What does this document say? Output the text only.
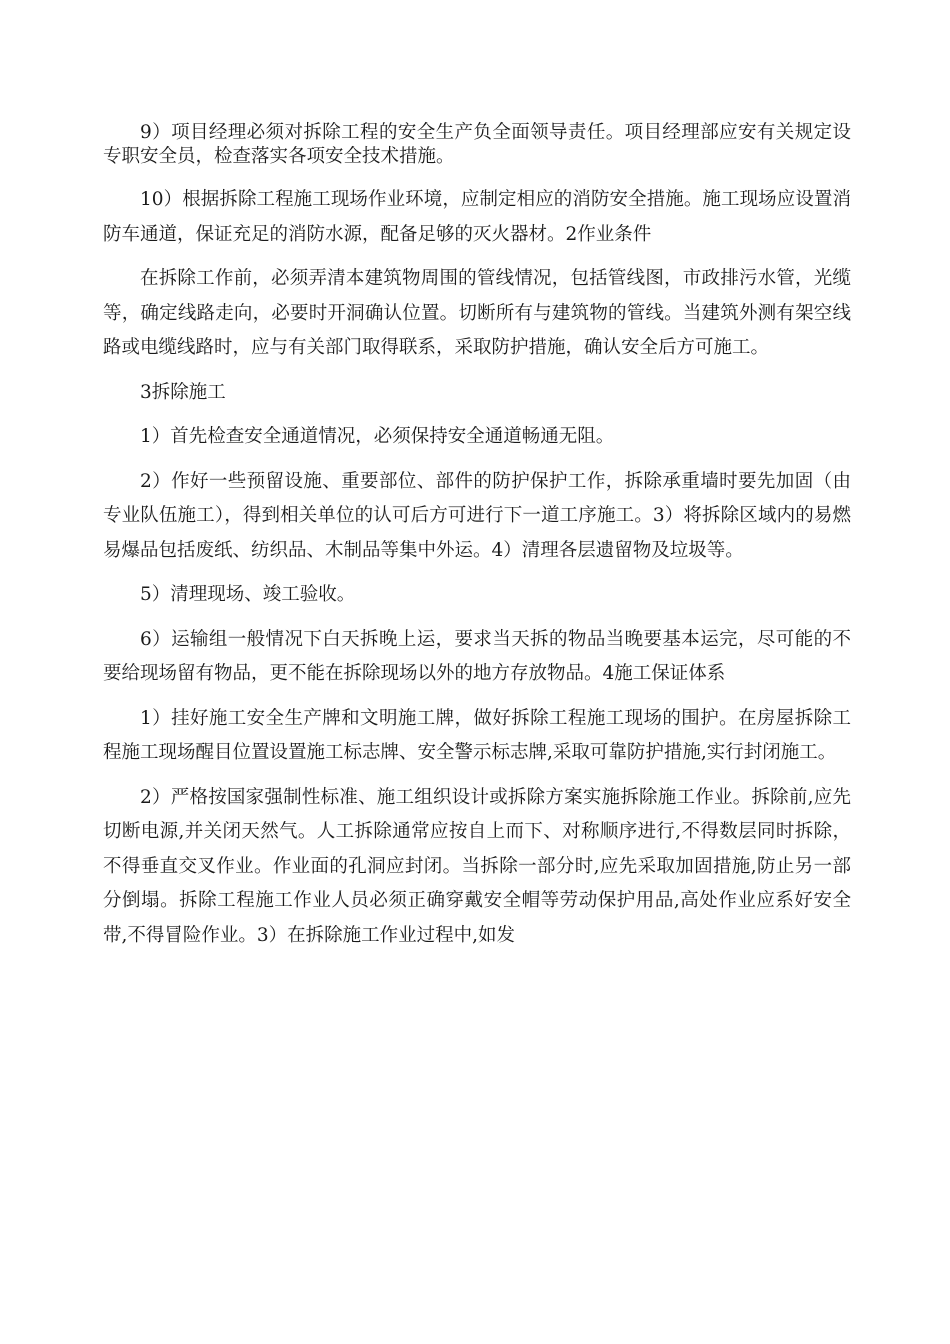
9）项目经理必须对拆除工程的安全生产负全面领导责任。项目经理部应安有关规定设专职安全员，检查落实各项安全技术措施。

10）根据拆除工程施工现场作业环境，应制定相应的消防安全措施。施工现场应设置消防车通道，保证充足的消防水源，配备足够的灭火器材。2作业条件

在拆除工作前，必须弄清本建筑物周围的管线情况，包括管线图，市政排污水管，光缆等，确定线路走向，必要时开洞确认位置。切断所有与建筑物的管线。当建筑外测有架空线路或电缆线路时，应与有关部门取得联系，采取防护措施，确认安全后方可施工。

3拆除施工

1）首先检查安全通道情况，必须保持安全通道畅通无阻。

2）作好一些预留设施、重要部位、部件的防护保护工作，拆除承重墙时要先加固（由专业队伍施工），得到相关单位的认可后方可进行下一道工序施工。3）将拆除区域内的易燃易爆品包括废纸、纺织品、木制品等集中外运。4）清理各层遗留物及垃圾等。

5）清理现场、竣工验收。

6）运输组一般情况下白天拆晚上运，要求当天拆的物品当晚要基本运完，尽可能的不要给现场留有物品，更不能在拆除现场以外的地方存放物品。4施工保证体系

1）挂好施工安全生产牌和文明施工牌，做好拆除工程施工现场的围护。在房屋拆除工程施工现场醒目位置设置施工标志牌、安全警示标志牌,采取可靠防护措施,实行封闭施工。

2）严格按国家强制性标准、施工组织设计或拆除方案实施拆除施工作业。拆除前,应先切断电源,并关闭天然气。人工拆除通常应按自上而下、对称顺序进行,不得数层同时拆除，不得垂直交叉作业。作业面的孔洞应封闭。当拆除一部分时,应先采取加固措施,防止另一部分倒塌。拆除工程施工作业人员必须正确穿戴安全帽等劳动保护用品,高处作业应系好安全带,不得冒险作业。3）在拆除施工作业过程中,如发
